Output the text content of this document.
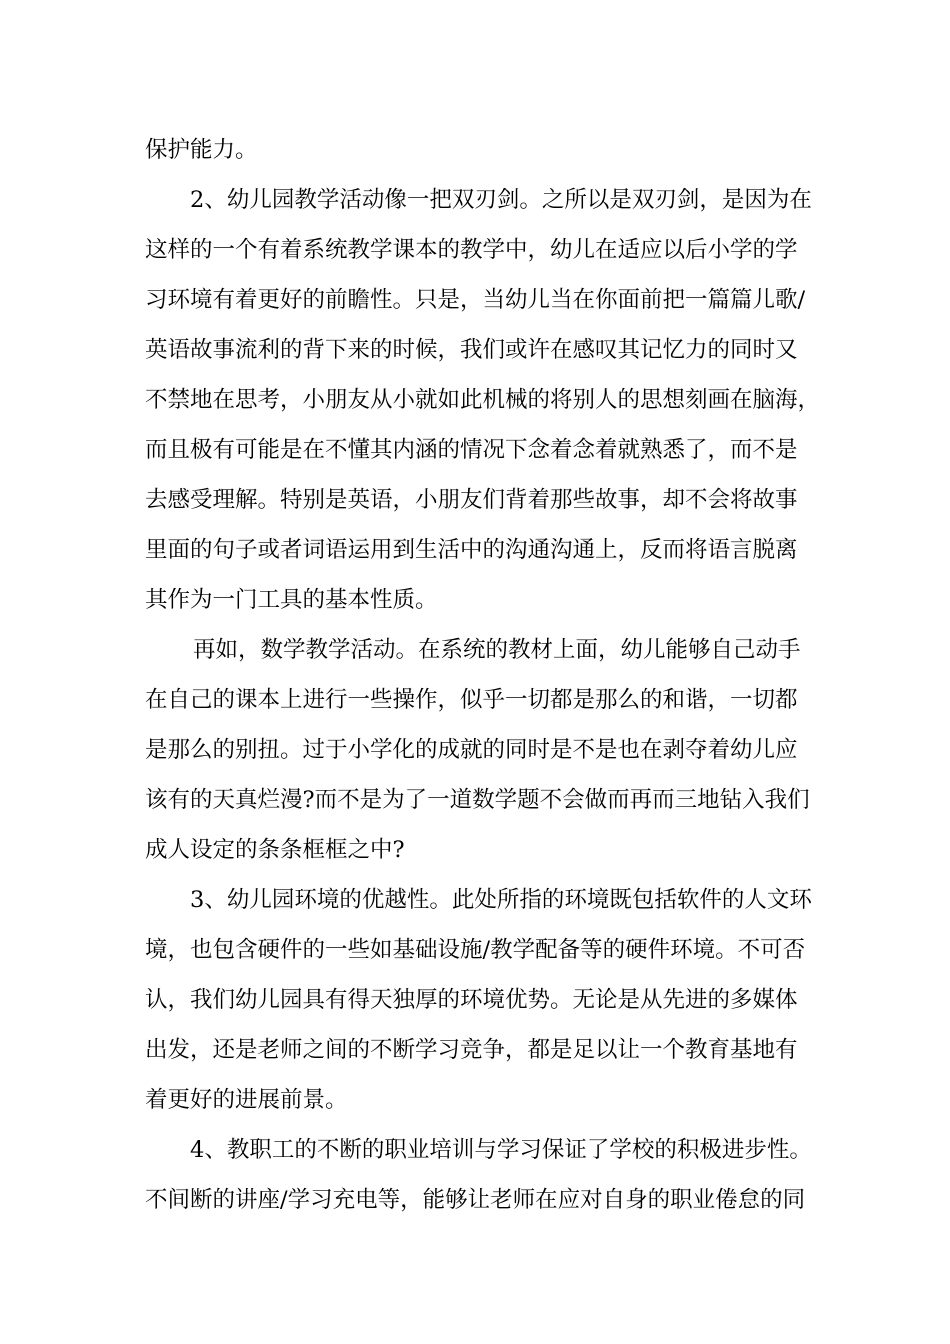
保护能力。
2、幼儿园教学活动像一把双刃剑。之所以是双刃剑，是因为在
这样的一个有着系统教学课本的教学中，幼儿在适应以后小学的学
习环境有着更好的前瞻性。只是，当幼儿当在你面前把一篇篇儿歌/
英语故事流利的背下来的时候，我们或许在感叹其记忆力的同时又
不禁地在思考，小朋友从小就如此机械的将别人的思想刻画在脑海，
而且极有可能是在不懂其内涵的情况下念着念着就熟悉了，而不是
去感受理解。特别是英语，小朋友们背着那些故事，却不会将故事
里面的句子或者词语运用到生活中的沟通沟通上，反而将语言脱离
其作为一门工具的基本性质。
再如，数学教学活动。在系统的教材上面，幼儿能够自己动手
在自己的课本上进行一些操作，似乎一切都是那么的和谐，一切都
是那么的别扭。过于小学化的成就的同时是不是也在剥夺着幼儿应
该有的天真烂漫?而不是为了一道数学题不会做而再而三地钻入我们
成人设定的条条框框之中?
3、幼儿园环境的优越性。此处所指的环境既包括软件的人文环
境，也包含硬件的一些如基础设施/教学配备等的硬件环境。不可否
认，我们幼儿园具有得天独厚的环境优势。无论是从先进的多媒体
出发，还是老师之间的不断学习竞争，都是足以让一个教育基地有
着更好的进展前景。
4、教职工的不断的职业培训与学习保证了学校的积极进步性。
不间断的讲座/学习充电等，能够让老师在应对自身的职业倦怠的同
